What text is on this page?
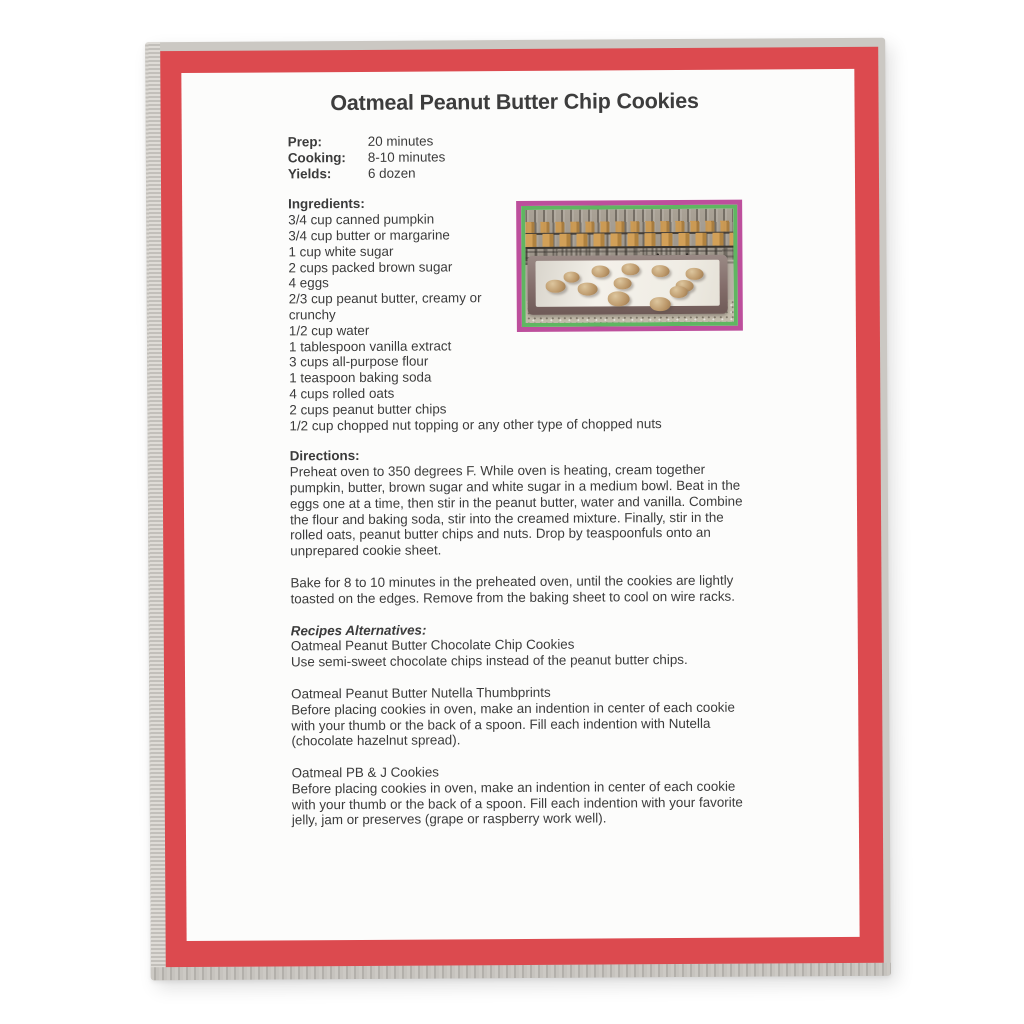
Oatmeal Peanut Butter Chip Cookies
Prep:	20 minutes
Cooking:	8-10 minutes
Yields:	6 dozen
Ingredients:
3/4 cup canned pumpkin
3/4 cup butter or margarine
1 cup white sugar
2 cups packed brown sugar
4 eggs
2/3 cup peanut butter, creamy or crunchy
1/2 cup water
1 tablespoon vanilla extract
3 cups all-purpose flour
1 teaspoon baking soda
4 cups rolled oats
2 cups peanut butter chips
1/2 cup chopped nut topping or any other type of chopped nuts
Directions:

Preheat oven to 350 degrees F. While oven is heating, cream together pumpkin, butter, brown sugar and white sugar in a medium bowl. Beat in the eggs one at a time, then stir in the peanut butter, water and vanilla. Combine the flour and baking soda, stir into the creamed mixture. Finally, stir in the rolled oats, peanut butter chips and nuts. Drop by teaspoonfuls onto an unprepared cookie sheet.

Bake for 8 to 10 minutes in the preheated oven, until the cookies are lightly toasted on the edges. Remove from the baking sheet to cool on wire racks.

Recipes Alternatives:
Oatmeal Peanut Butter Chocolate Chip Cookies
Use semi-sweet chocolate chips instead of the peanut butter chips.
Oatmeal Peanut Butter Nutella Thumbprints
Before placing cookies in oven, make an indention in center of each cookie with your thumb or the back of a spoon. Fill each indention with Nutella (chocolate hazelnut spread).
Oatmeal PB & J Cookies
Before placing cookies in oven, make an indention in center of each cookie with your thumb or the back of a spoon. Fill each indention with your favorite jelly, jam or preserves (grape or raspberry work well).
